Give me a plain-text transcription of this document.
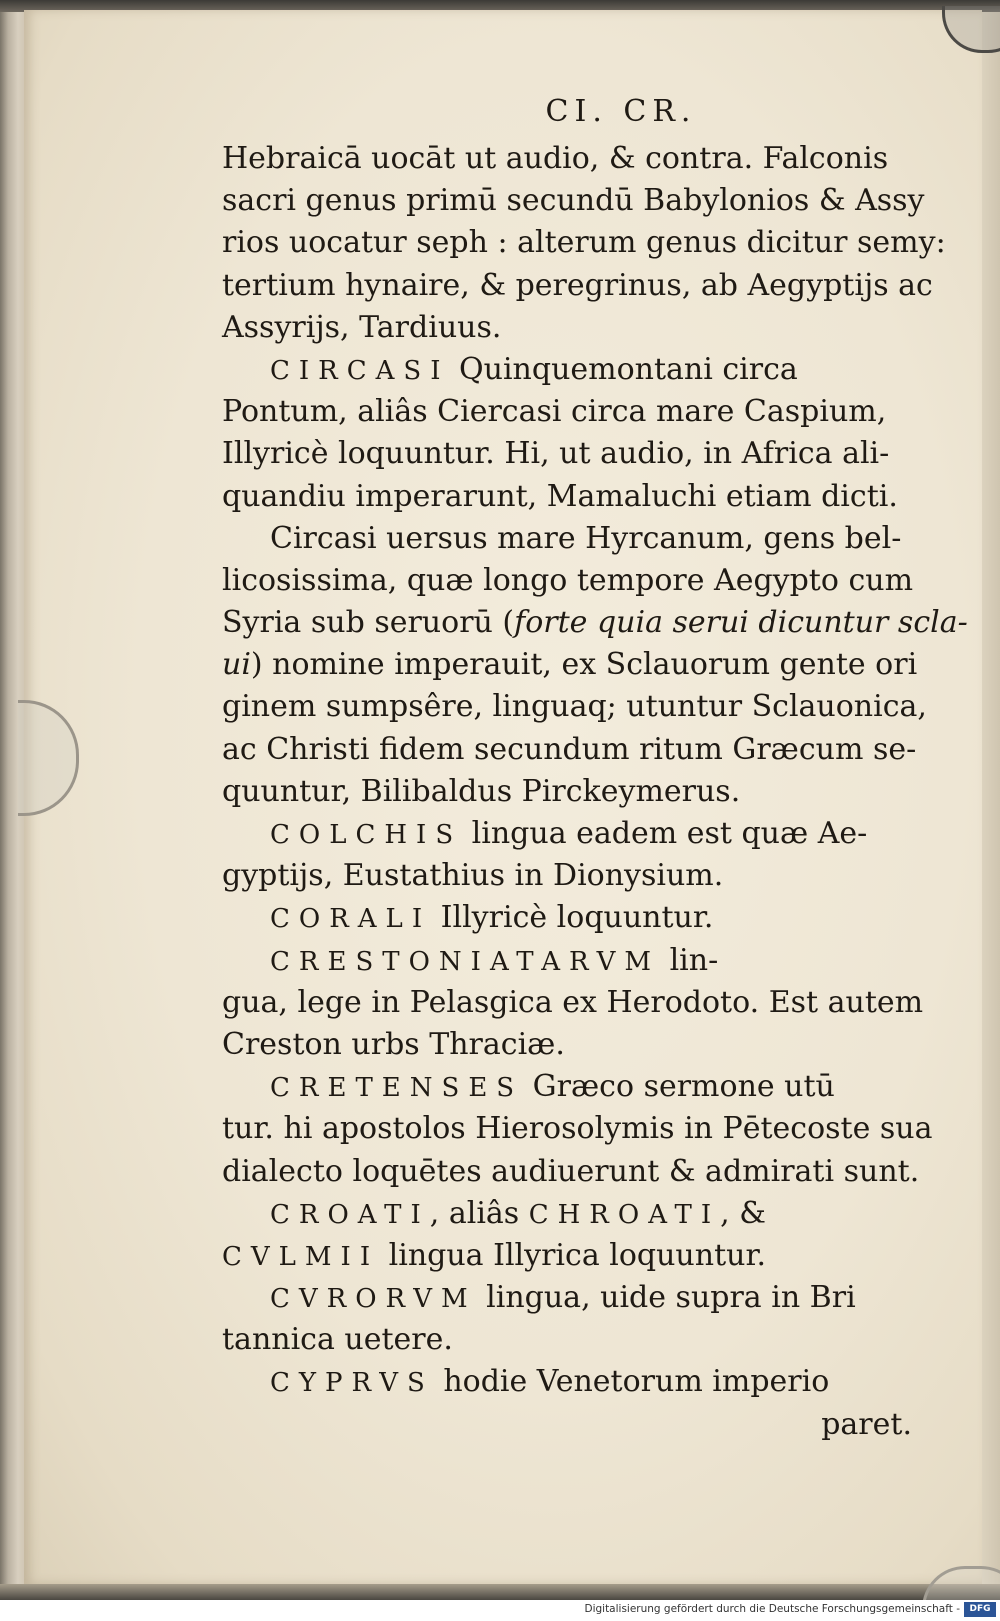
CI. CR.
Hebraicā uocāt ut audio, & contra. Falconis
sacri genus primū secundū Babylonios & Assy
rios uocatur seph : alterum genus dicitur semy:
tertium hynaire, & peregrinus, ab Aegyptijs ac
Assyrijs, Tardiuus.
CIRCASI Quinquemontani circa
Pontum, aliâs Ciercasi circa mare Caspium,
Illyricè loquuntur. Hi, ut audio, in Africa ali-
quandiu imperarunt, Mamaluchi etiam dicti.
Circasi uersus mare Hyrcanum, gens bel-
licosissima, quæ longo tempore Aegypto cum
Syria sub seruorū (forte quia serui dicuntur scla-
ui) nomine imperauit, ex Sclauorum gente ori
ginem sumpsêre, linguaq; utuntur Sclauonica,
ac Christi fidem secundum ritum Græcum se-
quuntur, Bilibaldus Pirckeymerus.
COLCHIS lingua eadem est quæ Ae-
gyptijs, Eustathius in Dionysium.
CORALI Illyricè loquuntur.
CRESTONIATARVM lin-
gua, lege in Pelasgica ex Herodoto. Est autem
Creston urbs Thraciæ.
CRETENSES Græco sermone utū
tur. hi apostolos Hierosolymis in Pētecoste sua
dialecto loquētes audiuerunt & admirati sunt.
CROATI, aliâs CHROATI, &
CVLMII lingua Illyrica loquuntur.
CVRORVM lingua, uide supra in Bri
tannica uetere.
CYPRVS hodie Venetorum imperio
paret.
Digitalisierung gefördert durch die Deutsche Forschungsgemeinschaft -	DFG
